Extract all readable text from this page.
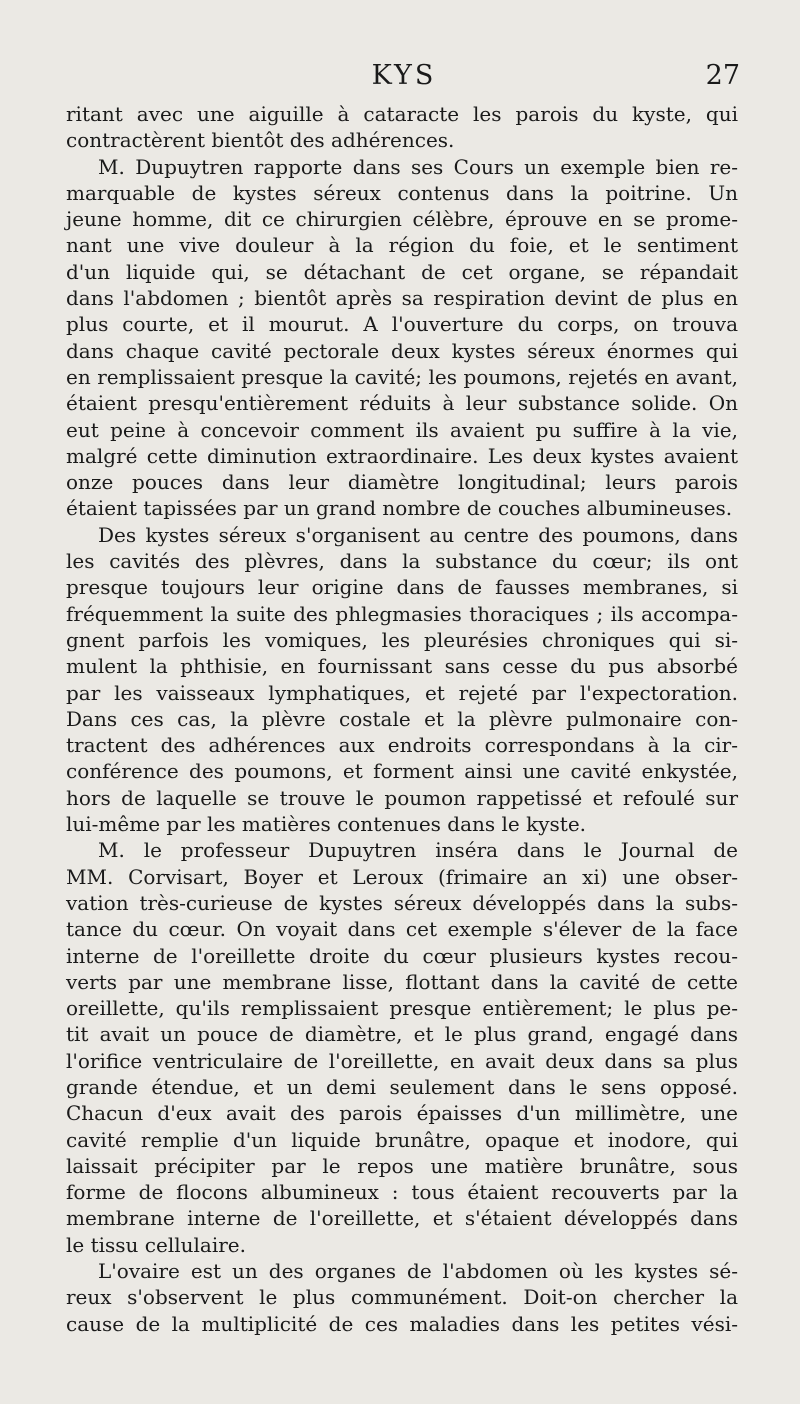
KYS	27
ritant avec une aiguille à cataracte les parois du kyste, qui
contractèrent bientôt des adhérences.
M. Dupuytren rapporte dans ses Cours un exemple bien re-
marquable de kystes séreux contenus dans la poitrine. Un
jeune homme, dit ce chirurgien célèbre, éprouve en se prome-
nant une vive douleur à la région du foie, et le sentiment
d'un liquide qui, se détachant de cet organe, se répandait
dans l'abdomen ; bientôt après sa respiration devint de plus en
plus courte, et il mourut. A l'ouverture du corps, on trouva
dans chaque cavité pectorale deux kystes séreux énormes qui
en remplissaient presque la cavité; les poumons, rejetés en avant,
étaient presqu'entièrement réduits à leur substance solide. On
eut peine à concevoir comment ils avaient pu suffire à la vie,
malgré cette diminution extraordinaire. Les deux kystes avaient
onze pouces dans leur diamètre longitudinal; leurs parois
étaient tapissées par un grand nombre de couches albumineuses.
Des kystes séreux s'organisent au centre des poumons, dans
les cavités des plèvres, dans la substance du cœur; ils ont
presque toujours leur origine dans de fausses membranes, si
fréquemment la suite des phlegmasies thoraciques ; ils accompa-
gnent parfois les vomiques, les pleurésies chroniques qui si-
mulent la phthisie, en fournissant sans cesse du pus absorbé
par les vaisseaux lymphatiques, et rejeté par l'expectoration.
Dans ces cas, la plèvre costale et la plèvre pulmonaire con-
tractent des adhérences aux endroits correspondans à la cir-
conférence des poumons, et forment ainsi une cavité enkystée,
hors de laquelle se trouve le poumon rappetissé et refoulé sur
lui-même par les matières contenues dans le kyste.
M. le professeur Dupuytren inséra dans le Journal de
MM. Corvisart, Boyer et Leroux (frimaire an xi) une obser-
vation très-curieuse de kystes séreux développés dans la subs-
tance du cœur. On voyait dans cet exemple s'élever de la face
interne de l'oreillette droite du cœur plusieurs kystes recou-
verts par une membrane lisse, flottant dans la cavité de cette
oreillette, qu'ils remplissaient presque entièrement; le plus pe-
tit avait un pouce de diamètre, et le plus grand, engagé dans
l'orifice ventriculaire de l'oreillette, en avait deux dans sa plus
grande étendue, et un demi seulement dans le sens opposé.
Chacun d'eux avait des parois épaisses d'un millimètre, une
cavité remplie d'un liquide brunâtre, opaque et inodore, qui
laissait précipiter par le repos une matière brunâtre, sous
forme de flocons albumineux : tous étaient recouverts par la
membrane interne de l'oreillette, et s'étaient développés dans
le tissu cellulaire.
L'ovaire est un des organes de l'abdomen où les kystes sé-
reux s'observent le plus communément. Doit-on chercher la
cause de la multiplicité de ces maladies dans les petites vési-
